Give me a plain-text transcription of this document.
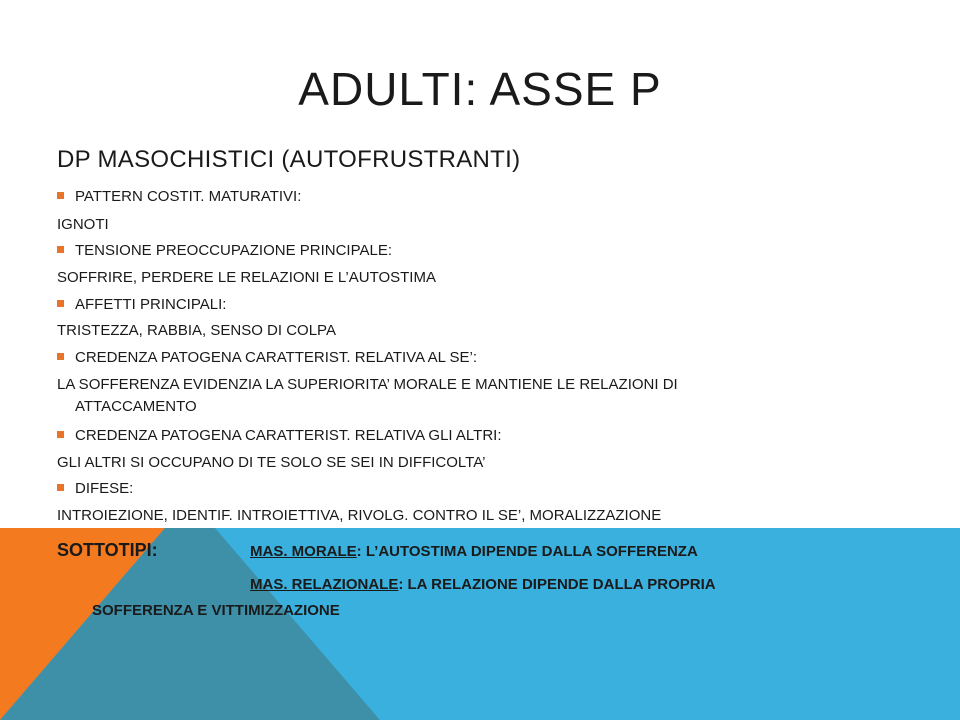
ADULTI: ASSE P
DP MASOCHISTICI (AUTOFRUSTRANTI)
PATTERN COSTIT. MATURATIVI:
IGNOTI
TENSIONE PREOCCUPAZIONE PRINCIPALE:
SOFFRIRE, PERDERE LE RELAZIONI E L’AUTOSTIMA
AFFETTI PRINCIPALI:
TRISTEZZA, RABBIA, SENSO DI COLPA
CREDENZA PATOGENA CARATTERIST. RELATIVA AL SE’:
LA SOFFERENZA EVIDENZIA LA SUPERIORITA’ MORALE E MANTIENE LE RELAZIONI DI
ATTACCAMENTO
CREDENZA PATOGENA CARATTERIST. RELATIVA GLI ALTRI:
GLI ALTRI SI OCCUPANO DI TE SOLO SE SEI IN DIFFICOLTA’
DIFESE:
INTROIEZIONE, IDENTIF. INTROIETTIVA, RIVOLG. CONTRO IL SE’, MORALIZZAZIONE
SOTTOTIPI:	MAS. MORALE: L’AUTOSTIMA DIPENDE DALLA SOFFERENZA
MAS. RELAZIONALE: LA RELAZIONE DIPENDE DALLA PROPRIA
SOFFERENZA E VITTIMIZZAZIONE
